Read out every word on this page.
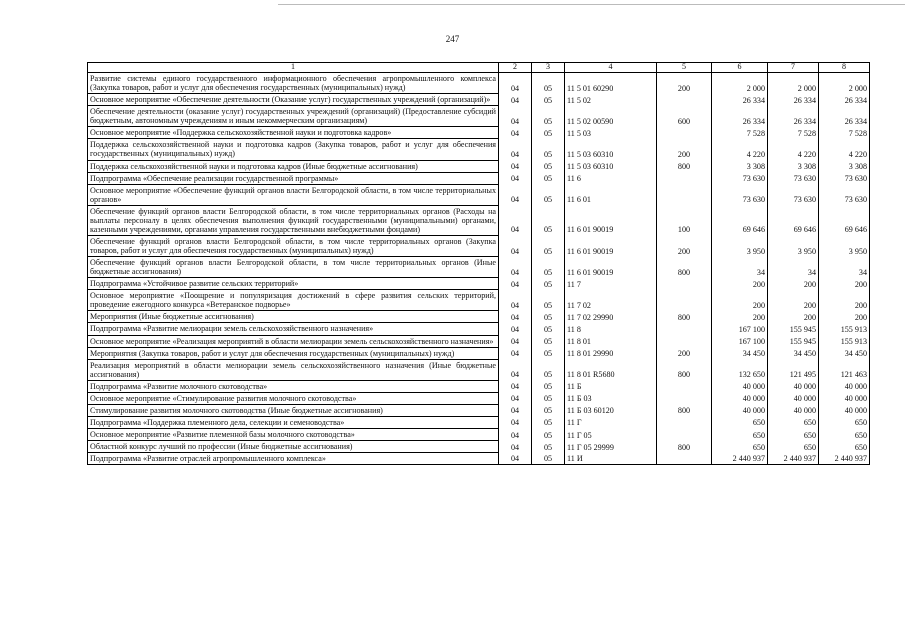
247
1	2	3	4	5	6	7	8
Развитие системы единого государственного информационного обеспечения агропромышленного комплекса (Закупка товаров, работ и услуг для обеспечения государственных (муниципальных) нужд)	04	05	11 5 01 60290	200	2 000	2 000	2 000
Основное мероприятие «Обеспечение деятельности (Оказание услуг) государственных учреждений (организаций)»	04	05	11 5 02		26 334	26 334	26 334
Обеспечение деятельности (оказание услуг) государственных учреждений (организаций) (Предоставление субсидий бюджетным, автономным учреждениям и иным некоммерческим организациям)	04	05	11 5 02 00590	600	26 334	26 334	26 334
Основное мероприятие «Поддержка сельскохозяйственной науки и подготовка кадров»	04	05	11 5 03		7 528	7 528	7 528
Поддержка сельскохозяйственной науки и подготовка кадров (Закупка товаров, работ и услуг для обеспечения государственных (муниципальных) нужд)	04	05	11 5 03 60310	200	4 220	4 220	4 220
Поддержка сельскохозяйственной науки и подготовка кадров (Иные бюджетные ассигнования)	04	05	11 5 03 60310	800	3 308	3 308	3 308
Подпрограмма «Обеспечение реализации государственной программы»	04	05	11 6		73 630	73 630	73 630
Основное мероприятие «Обеспечение функций органов власти Белгородской области, в том числе территориальных органов»	04	05	11 6 01		73 630	73 630	73 630
Обеспечение функций органов власти Белгородской области, в том числе территориальных органов (Расходы на выплаты персоналу в целях обеспечения выполнения функций государственными (муниципальными) органами, казенными учреждениями, органами управления государственными внебюджетными фондами)	04	05	11 6 01 90019	100	69 646	69 646	69 646
Обеспечение функций органов власти Белгородской области, в том числе территориальных органов (Закупка товаров, работ и услуг для обеспечения государственных (муниципальных) нужд)	04	05	11 6 01 90019	200	3 950	3 950	3 950
Обеспечение функций органов власти Белгородской области, в том числе территориальных органов (Иные бюджетные ассигнования)	04	05	11 6 01 90019	800	34	34	34
Подпрограмма «Устойчивое развитие сельских территорий»	04	05	11 7		200	200	200
Основное мероприятие «Поощрение и популяризация достижений в сфере развития сельских территорий, проведение ежегодного конкурса «Ветеранское подворье»	04	05	11 7 02		200	200	200
Мероприятия (Иные бюджетные ассигнования)	04	05	11 7 02 29990	800	200	200	200
Подпрограмма «Развитие мелиорации земель сельскохозяйственного назначения»	04	05	11 8		167 100	155 945	155 913
Основное мероприятие «Реализация мероприятий в области мелиорации земель сельскохозяйственного назначения»	04	05	11 8 01		167 100	155 945	155 913
Мероприятия (Закупка товаров, работ и услуг для обеспечения государственных (муниципальных) нужд)	04	05	11 8 01 29990	200	34 450	34 450	34 450
Реализация мероприятий в области мелиорации земель сельскохозяйственного назначения (Иные бюджетные ассигнования)	04	05	11 8 01 R5680	800	132 650	121 495	121 463
Подпрограмма «Развитие молочного скотоводства»	04	05	11 Б		40 000	40 000	40 000
Основное мероприятие «Стимулирование развития молочного скотоводства»	04	05	11 Б 03		40 000	40 000	40 000
Стимулирование развития молочного скотоводства (Иные бюджетные ассигнования)	04	05	11 Б 03 60120	800	40 000	40 000	40 000
Подпрограмма «Поддержка племенного дела, селекции и семеноводства»	04	05	11 Г		650	650	650
Основное мероприятие «Развитие племенной базы молочного скотоводства»	04	05	11 Г 05		650	650	650
Областной конкурс лучший по профессии (Иные бюджетные ассигнования)	04	05	11 Г 05 29999	800	650	650	650
Подпрограмма «Развитие отраслей агропромышленного комплекса»	04	05	11 И		2 440 937	2 440 937	2 440 937
